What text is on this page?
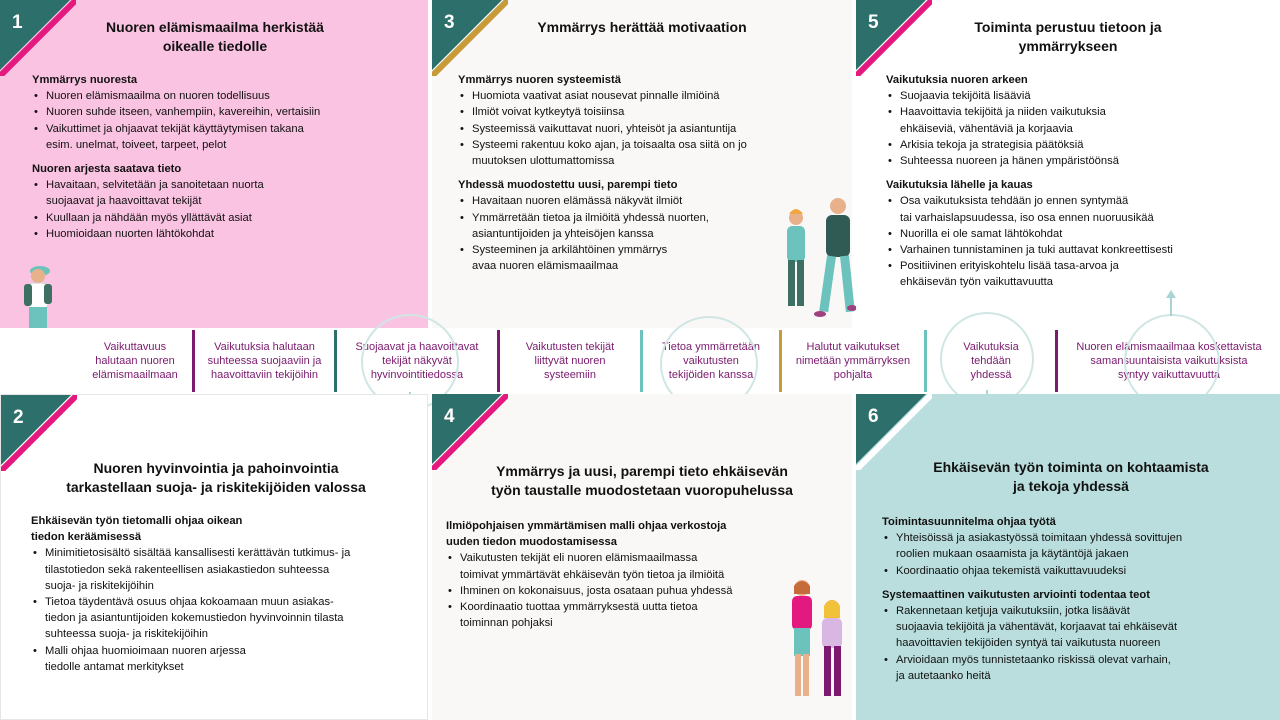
1	Nuoren elämismaailma herkistää
oikealle tiedolle
Ymmärrys nuoresta
• Nuoren elämismaailma on nuoren todellisuus
• Nuoren suhde itseen, vanhempiin, kavereihin, vertaisiin
• Vaikuttimet ja ohjaavat tekijät käyttäytymisen takana
esim. unelmat, toiveet, tarpeet, pelot
Nuoren arjesta saatava tieto
• Havaitaan, selvitetään ja sanoitetaan nuorta
suojaavat ja haavoittavat tekijät
• Kuullaan ja nähdään myös yllättävät asiat
• Huomioidaan nuorten lähtökohdat
3	Ymmärrys herättää motivaation
Ymmärrys nuoren systeemistä
• Huomiota vaativat asiat nousevat pinnalle ilmiöinä
• Ilmiöt voivat kytkeytyä toisiinsa
• Systeemissä vaikuttavat nuori, yhteisöt ja asiantuntija
• Systeemi rakentuu koko ajan, ja toisaalta osa siitä on jo
muutoksen ulottumattomissa
Yhdessä muodostettu uusi, parempi tieto
• Havaitaan nuoren elämässä näkyvät ilmiöt
• Ymmärretään tietoa ja ilmiöitä yhdessä nuorten,
asiantuntijoiden ja yhteisöjen kanssa
• Systeeminen ja arkilähtöinen ymmärrys
avaa nuoren elämismaailmaa
5	Toiminta perustuu tietoon ja
ymmärrykseen
Vaikutuksia nuoren arkeen
• Suojaavia tekijöitä lisääviä
• Haavoittavia tekijöitä ja niiden vaikutuksia
ehkäiseviä, vähentäviä ja korjaavia
• Arkisia tekoja ja strategisia päätöksiä
• Suhteessa nuoreen ja hänen ympäristöönsä
Vaikutuksia lähelle ja kauas
• Osa vaikutuksista tehdään jo ennen syntymää
tai varhaislapsuudessa, iso osa ennen nuoruusikää
• Nuorilla ei ole samat lähtökohdat
• Varhainen tunnistaminen ja tuki auttavat konkreettisesti
• Positiivinen erityiskohtelu lisää tasa-arvoa ja
ehkäisevän työn vaikuttavuutta
Vaikuttavuus
halutaan nuoren
elämismaailmaan
Vaikutuksia halutaan
suhteessa suojaaviin ja
haavoittaviin tekijöihin
Suojaavat ja haavoittavat
tekijät näkyvät
hyvinvointitiedossa
Vaikutusten tekijät
liittyvät nuoren
systeemiin
Tietoa ymmärretään
vaikutusten
tekijöiden kanssa
Halutut vaikutukset
nimetään ymmärryksen
pohjalta
Vaikutuksia
tehdään
yhdessä
Nuoren elämismaailmaa koskettavista
samansuuntaisista vaikutuksista
syntyy vaikuttavuutta
2
Nuoren hyvinvointia ja pahoinvointia
tarkastellaan suoja- ja riskitekijöiden valossa
Ehkäisevän työn tietomalli ohjaa oikean
tiedon keräämisessä
• Minimitietosisältö sisältää kansallisesti kerättävän tutkimus- ja
tilastotiedon sekä rakenteellisen asiakastiedon suhteessa
suoja- ja riskitekijöihin
• Tietoa täydentävä osuus ohjaa kokoamaan muun asiakas-
tiedon ja asiantuntijoiden kokemustiedon hyvinvoinnin tilasta
suhteessa suoja- ja riskitekijöihin
• Malli ohjaa huomioimaan nuoren arjessa
tiedolle antamat merkitykset
4
Ymmärrys ja uusi, parempi tieto ehkäisevän
työn taustalle muodostetaan vuoropuhelussa
Ilmiöpohjaisen ymmärtämisen malli ohjaa verkostoja
uuden tiedon muodostamisessa
• Vaikutusten tekijät eli nuoren elämismaailmassa
toimivat ymmärtävät ehkäisevän työn tietoa ja ilmiöitä
• Ihminen on kokonaisuus, josta osataan puhua yhdessä
• Koordinaatio tuottaa ymmärryksestä uutta tietoa
toiminnan pohjaksi
6
Ehkäisevän työn toiminta on kohtaamista
ja tekoja yhdessä
Toimintasuunnitelma ohjaa työtä
• Yhteisöissä ja asiakastyössä toimitaan yhdessä sovittujen
roolien mukaan osaamista ja käytäntöjä jakaen
• Koordinaatio ohjaa tekemistä vaikuttavuudeksi
Systemaattinen vaikutusten arviointi todentaa teot
• Rakennetaan ketjuja vaikutuksiin, jotka lisäävät
suojaavia tekijöitä ja vähentävät, korjaavat tai ehkäisevät
haavoittavien tekijöiden syntyä tai vaikutusta nuoreen
• Arvioidaan myös tunnistetaanko riskissä olevat varhain,
ja autetaanko heitä
